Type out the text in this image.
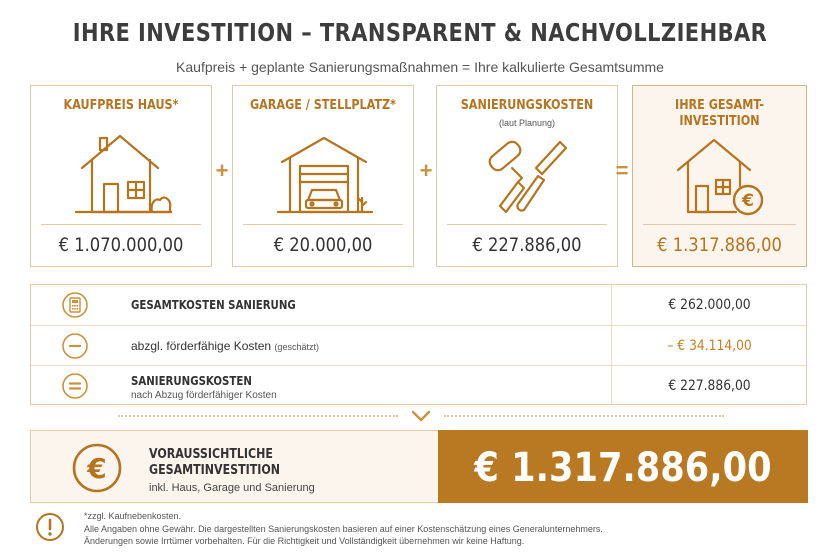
IHRE INVESTITION – TRANSPARENT & NACHVOLLZIEHBAR
Kaufpreis + geplante Sanierungsmaßnahmen = Ihre kalkulierte Gesamtsumme
KAUFPREIS HAUS*
€ 1.070.000,00
+
GARAGE / STELLPLATZ*
€ 20.000,00
+
SANIERUNGSKOSTEN
(laut Planung)
€ 227.886,00
=
IHRE GESAMT-
INVESTITION
€
€ 1.317.886,00
GESAMTKOSTEN SANIERUNG	€ 262.000,00
abzgl. förderfähige Kosten (geschätzt)	– € 34.114,00
SANIERUNGSKOSTEN
nach Abzug förderfähiger Kosten
€ 227.886,00
€	VORAUSSICHTLICHE
GESAMTINVESTITION
inkl. Haus, Garage und Sanierung	€ 1.317.886,00
*zzgl. Kaufnebenkosten.
Alle Angaben ohne Gewähr. Die dargestellten Sanierungskosten basieren auf einer Kostenschätzung eines Generalunternehmers.
Änderungen sowie Irrtümer vorbehalten. Für die Richtigkeit und Vollständigkeit übernehmen wir keine Haftung.
